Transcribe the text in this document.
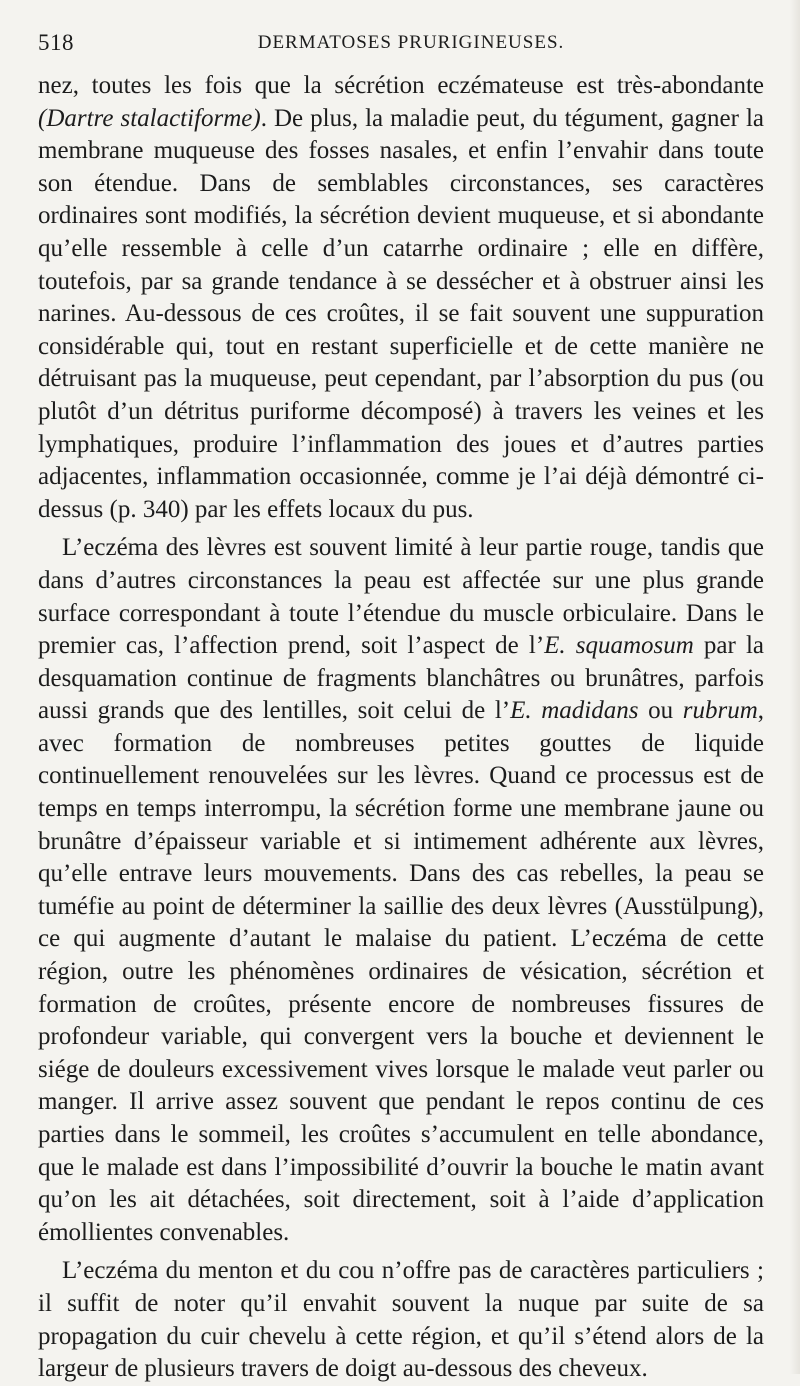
518	DERMATOSES PRURIGINEUSES.

nez, toutes les fois que la sécrétion eczémateuse est très-abondante (Dartre stalactiforme). De plus, la maladie peut, du tégument, gagner la membrane muqueuse des fosses nasales, et enfin l’envahir dans toute son étendue. Dans de semblables circonstances, ses caractères ordinaires sont modifiés, la sécrétion devient muqueuse, et si abondante qu’elle ressemble à celle d’un catarrhe ordinaire ; elle en diffère, toutefois, par sa grande tendance à se dessécher et à obstruer ainsi les narines. Au-dessous de ces croûtes, il se fait souvent une suppuration considérable qui, tout en restant superficielle et de cette manière ne détruisant pas la muqueuse, peut cependant, par l’absorption du pus (ou plutôt d’un détritus puriforme décomposé) à travers les veines et les lymphatiques, produire l’inflammation des joues et d’autres parties adjacentes, inflammation occasionnée, comme je l’ai déjà démontré ci-dessus (p. 340) par les effets locaux du pus.

L’eczéma des lèvres est souvent limité à leur partie rouge, tandis que dans d’autres circonstances la peau est affectée sur une plus grande surface correspondant à toute l’étendue du muscle orbiculaire. Dans le premier cas, l’affection prend, soit l’aspect de l’E. squamosum par la desquamation continue de fragments blanchâtres ou brunâtres, parfois aussi grands que des lentilles, soit celui de l’E. madidans ou rubrum, avec formation de nombreuses petites gouttes de liquide continuellement renouvelées sur les lèvres. Quand ce processus est de temps en temps interrompu, la sécrétion forme une membrane jaune ou brunâtre d’épaisseur variable et si intimement adhérente aux lèvres, qu’elle entrave leurs mouvements. Dans des cas rebelles, la peau se tuméfie au point de déterminer la saillie des deux lèvres (Ausstülpung), ce qui augmente d’autant le malaise du patient. L’eczéma de cette région, outre les phénomènes ordinaires de vésication, sécrétion et formation de croûtes, présente encore de nombreuses fissures de profondeur variable, qui convergent vers la bouche et deviennent le siége de douleurs excessivement vives lorsque le malade veut parler ou manger. Il arrive assez souvent que pendant le repos continu de ces parties dans le sommeil, les croûtes s’accumulent en telle abondance, que le malade est dans l’impossibilité d’ouvrir la bouche le matin avant qu’on les ait détachées, soit directement, soit à l’aide d’application émollientes convenables.

L’eczéma du menton et du cou n’offre pas de caractères particuliers ; il suffit de noter qu’il envahit souvent la nuque par suite de sa propagation du cuir chevelu à cette région, et qu’il s’étend alors de la largeur de plusieurs travers de doigt au-dessous des cheveux.
